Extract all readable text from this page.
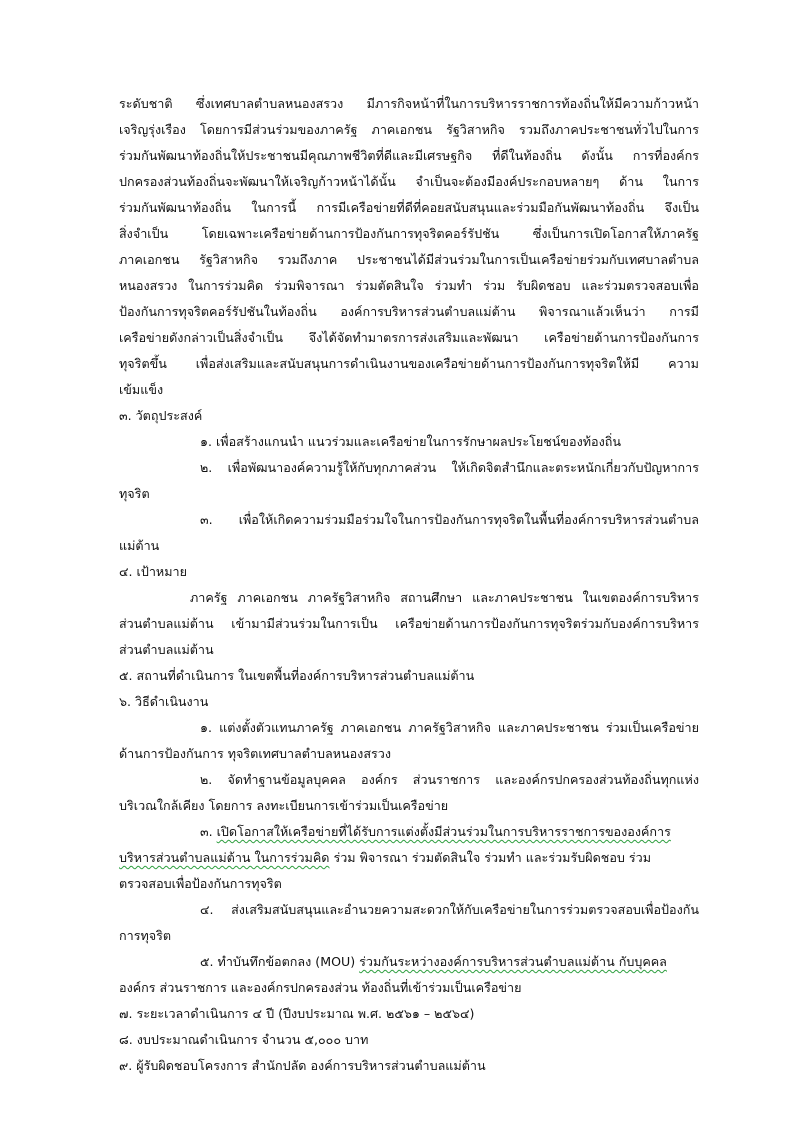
ระดับชาติ ซึ่งเทศบาลตำบลหนองสรวง มีภารกิจหน้าที่ในการบริหารราชการท้องถิ่นให้มีความก้าวหน้า
เจริญรุ่งเรือง โดยการมีส่วนร่วมของภาครัฐ ภาคเอกชน รัฐวิสาหกิจ รวมถึงภาคประชาชนทั่วไปในการ
ร่วมกันพัฒนาท้องถิ่นให้ประชาชนมีคุณภาพชีวิตที่ดีและมีเศรษฐกิจ ที่ดีในท้องถิ่น ดังนั้น การที่องค์กร
ปกครองส่วนท้องถิ่นจะพัฒนาให้เจริญก้าวหน้าได้นั้น จำเป็นจะต้องมีองค์ประกอบหลายๆ ด้าน ในการ
ร่วมกันพัฒนาท้องถิ่น ในการนี้ การมีเครือข่ายที่ดีที่คอยสนับสนุนและร่วมมือกันพัฒนาท้องถิ่น จึงเป็น
สิ่งจำเป็น โดยเฉพาะเครือข่ายด้านการป้องกันการทุจริตคอร์รัปชัน ซึ่งเป็นการเปิดโอกาสให้ภาครัฐ
ภาคเอกชน รัฐวิสาหกิจ รวมถึงภาค ประชาชนได้มีส่วนร่วมในการเป็นเครือข่ายร่วมกับเทศบาลตำบล
หนองสรวง ในการร่วมคิด ร่วมพิจารณา ร่วมตัดสินใจ ร่วมทำ ร่วม รับผิดชอบ และร่วมตรวจสอบเพื่อ
ป้องกันการทุจริตคอร์รัปชันในท้องถิ่น องค์การบริหารส่วนตำบลแม่ต้าน พิจารณาแล้วเห็นว่า การมี
เครือข่ายดังกล่าวเป็นสิ่งจำเป็น จึงได้จัดทำมาตรการส่งเสริมและพัฒนา เครือข่ายด้านการป้องกันการ
ทุจริตขึ้น เพื่อส่งเสริมและสนับสนุนการดำเนินงานของเครือข่ายด้านการป้องกันการทุจริตให้มี ความ
เข้มแข็ง
๓. วัตถุประสงค์
๑. เพื่อสร้างแกนนำ แนวร่วมและเครือข่ายในการรักษาผลประโยชน์ของท้องถิ่น
๒. เพื่อพัฒนาองค์ความรู้ให้กับทุกภาคส่วน ให้เกิดจิตสำนึกและตระหนักเกี่ยวกับปัญหาการ
ทุจริต
๓. เพื่อให้เกิดความร่วมมือร่วมใจในการป้องกันการทุจริตในพื้นที่องค์การบริหารส่วนตำบล
แม่ต้าน
๔. เป้าหมาย
ภาครัฐ ภาคเอกชน ภาครัฐวิสาหกิจ สถานศึกษา และภาคประชาชน ในเขตองค์การบริหาร
ส่วนตำบลแม่ต้าน เข้ามามีส่วนร่วมในการเป็น เครือข่ายด้านการป้องกันการทุจริตร่วมกับองค์การบริหาร
ส่วนตำบลแม่ต้าน
๕. สถานที่ดำเนินการ ในเขตพื้นที่องค์การบริหารส่วนตำบลแม่ต้าน
๖. วิธีดำเนินงาน
๑. แต่งตั้งตัวแทนภาครัฐ ภาคเอกชน ภาครัฐวิสาหกิจ และภาคประชาชน ร่วมเป็นเครือข่าย
ด้านการป้องกันการ ทุจริตเทศบาลตำบลหนองสรวง
๒. จัดทำฐานข้อมูลบุคคล องค์กร ส่วนราชการ และองค์กรปกครองส่วนท้องถิ่นทุกแห่ง
บริเวณใกล้เคียง โดยการ ลงทะเบียนการเข้าร่วมเป็นเครือข่าย
๓. เปิดโอกาสให้เครือข่ายที่ได้รับการแต่งตั้งมีส่วนร่วมในการบริหารราชการขององค์การ
บริหารส่วนตำบลแม่ต้าน ในการร่วมคิด ร่วม พิจารณา ร่วมตัดสินใจ ร่วมทำ และร่วมรับผิดชอบ ร่วม
ตรวจสอบเพื่อป้องกันการทุจริต
๔. ส่งเสริมสนับสนุนและอำนวยความสะดวกให้กับเครือข่ายในการร่วมตรวจสอบเพื่อป้องกัน
การทุจริต
๕. ทำบันทึกข้อตกลง (MOU) ร่วมกันระหว่างองค์การบริหารส่วนตำบลแม่ต้าน กับบุคคล
องค์กร ส่วนราชการ และองค์กรปกครองส่วน ท้องถิ่นที่เข้าร่วมเป็นเครือข่าย
๗. ระยะเวลาดำเนินการ ๔ ปี (ปีงบประมาณ พ.ศ. ๒๕๖๑ – ๒๕๖๔)
๘. งบประมาณดำเนินการ จำนวน ๕,๐๐๐ บาท
๙. ผู้รับผิดชอบโครงการ สำนักปลัด องค์การบริหารส่วนตำบลแม่ต้าน
